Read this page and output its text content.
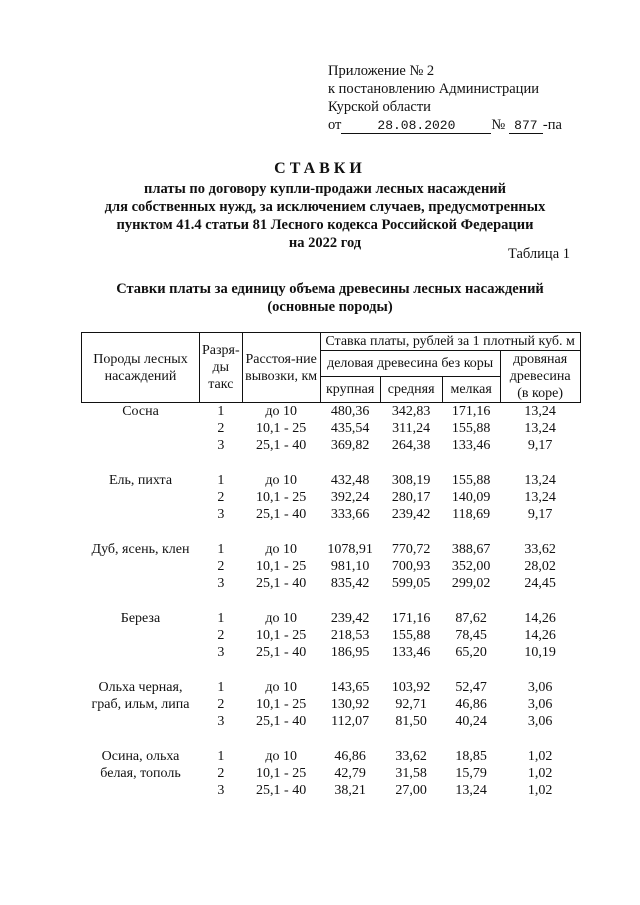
Приложение № 2
к постановлению Администрации
Курской области
от	28.08.2020 № 877 -па
СТАВКИ
платы по договору купли-продажи лесных насаждений
для собственных нужд, за исключением случаев, предусмотренных
пунктом 41.4 статьи 81 Лесного кодекса Российской Федерации
на 2022 год
Таблица 1
Ставки платы за единицу объема древесины лесных насаждений
(основные породы)
Породы лесных насаждений	Разря-ды такс	Расстоя-ние вывозки, км	Ставка платы, рублей за 1 плотный куб. м			
			деловая древесина без коры			дровяная древесина (в коре)
			крупная	средняя	мелкая	
Сосна	1	до 10	480,36	342,83	171,16	13,24
	2	10,1 - 25	435,54	311,24	155,88	13,24
	3	25,1 - 40	369,82	264,38	133,46	9,17

Ель, пихта	1	до 10	432,48	308,19	155,88	13,24
	2	10,1 - 25	392,24	280,17	140,09	13,24
	3	25,1 - 40	333,66	239,42	118,69	9,17

Дуб, ясень, клен	1	до 10	1078,91	770,72	388,67	33,62
	2	10,1 - 25	981,10	700,93	352,00	28,02
	3	25,1 - 40	835,42	599,05	299,02	24,45

Береза	1	до 10	239,42	171,16	87,62	14,26
	2	10,1 - 25	218,53	155,88	78,45	14,26
	3	25,1 - 40	186,95	133,46	65,20	10,19

Ольха черная,	1	до 10	143,65	103,92	52,47	3,06
граб, ильм, липа	2	10,1 - 25	130,92	92,71	46,86	3,06
	3	25,1 - 40	112,07	81,50	40,24	3,06

Осина, ольха	1	до 10	46,86	33,62	18,85	1,02
белая, тополь	2	10,1 - 25	42,79	31,58	15,79	1,02
	3	25,1 - 40	38,21	27,00	13,24	1,02
